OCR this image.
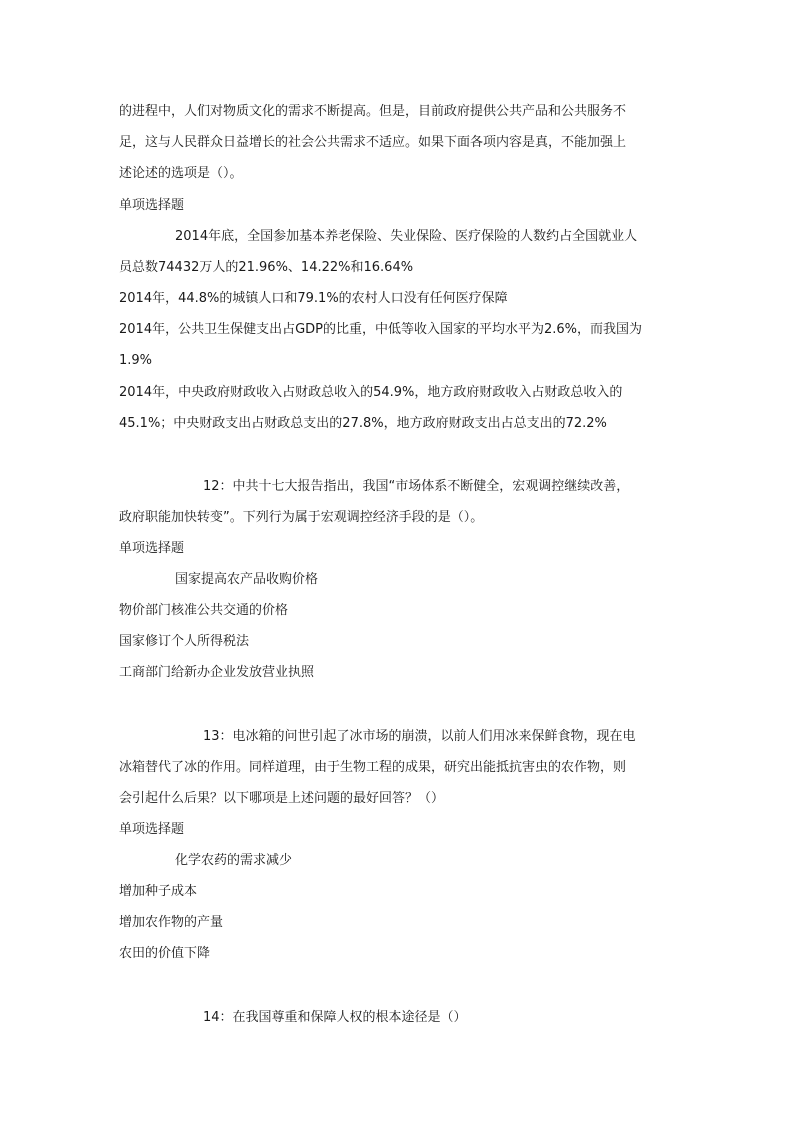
的进程中，人们对物质文化的需求不断提高。但是，目前政府提供公共产品和公共服务不
足，这与人民群众日益增长的社会公共需求不适应。如果下面各项内容是真，不能加强上
述论述的选项是（）。
单项选择题
2014年底，全国参加基本养老保险、失业保险、医疗保险的人数约占全国就业人
员总数74432万人的21.96%、14.22%和16.64%
2014年，44.8%的城镇人口和79.1%的农村人口没有任何医疗保障
2014年，公共卫生保健支出占GDP的比重，中低等收入国家的平均水平为2.6%，而我国为
1.9%
2014年，中央政府财政收入占财政总收入的54.9%，地方政府财政收入占财政总收入的
45.1%；中央财政支出占财政总支出的27.8%，地方政府财政支出占总支出的72.2%
12：中共十七大报告指出，我国“市场体系不断健全，宏观调控继续改善，
政府职能加快转变”。下列行为属于宏观调控经济手段的是（）。
单项选择题
国家提高农产品收购价格
物价部门核准公共交通的价格
国家修订个人所得税法
工商部门给新办企业发放营业执照
13：电冰箱的问世引起了冰市场的崩溃，以前人们用冰来保鲜食物，现在电
冰箱替代了冰的作用。同样道理，由于生物工程的成果，研究出能抵抗害虫的农作物，则
会引起什么后果？以下哪项是上述问题的最好回答？（）
单项选择题
化学农药的需求减少
增加种子成本
增加农作物的产量
农田的价值下降
14：在我国尊重和保障人权的根本途径是（）
